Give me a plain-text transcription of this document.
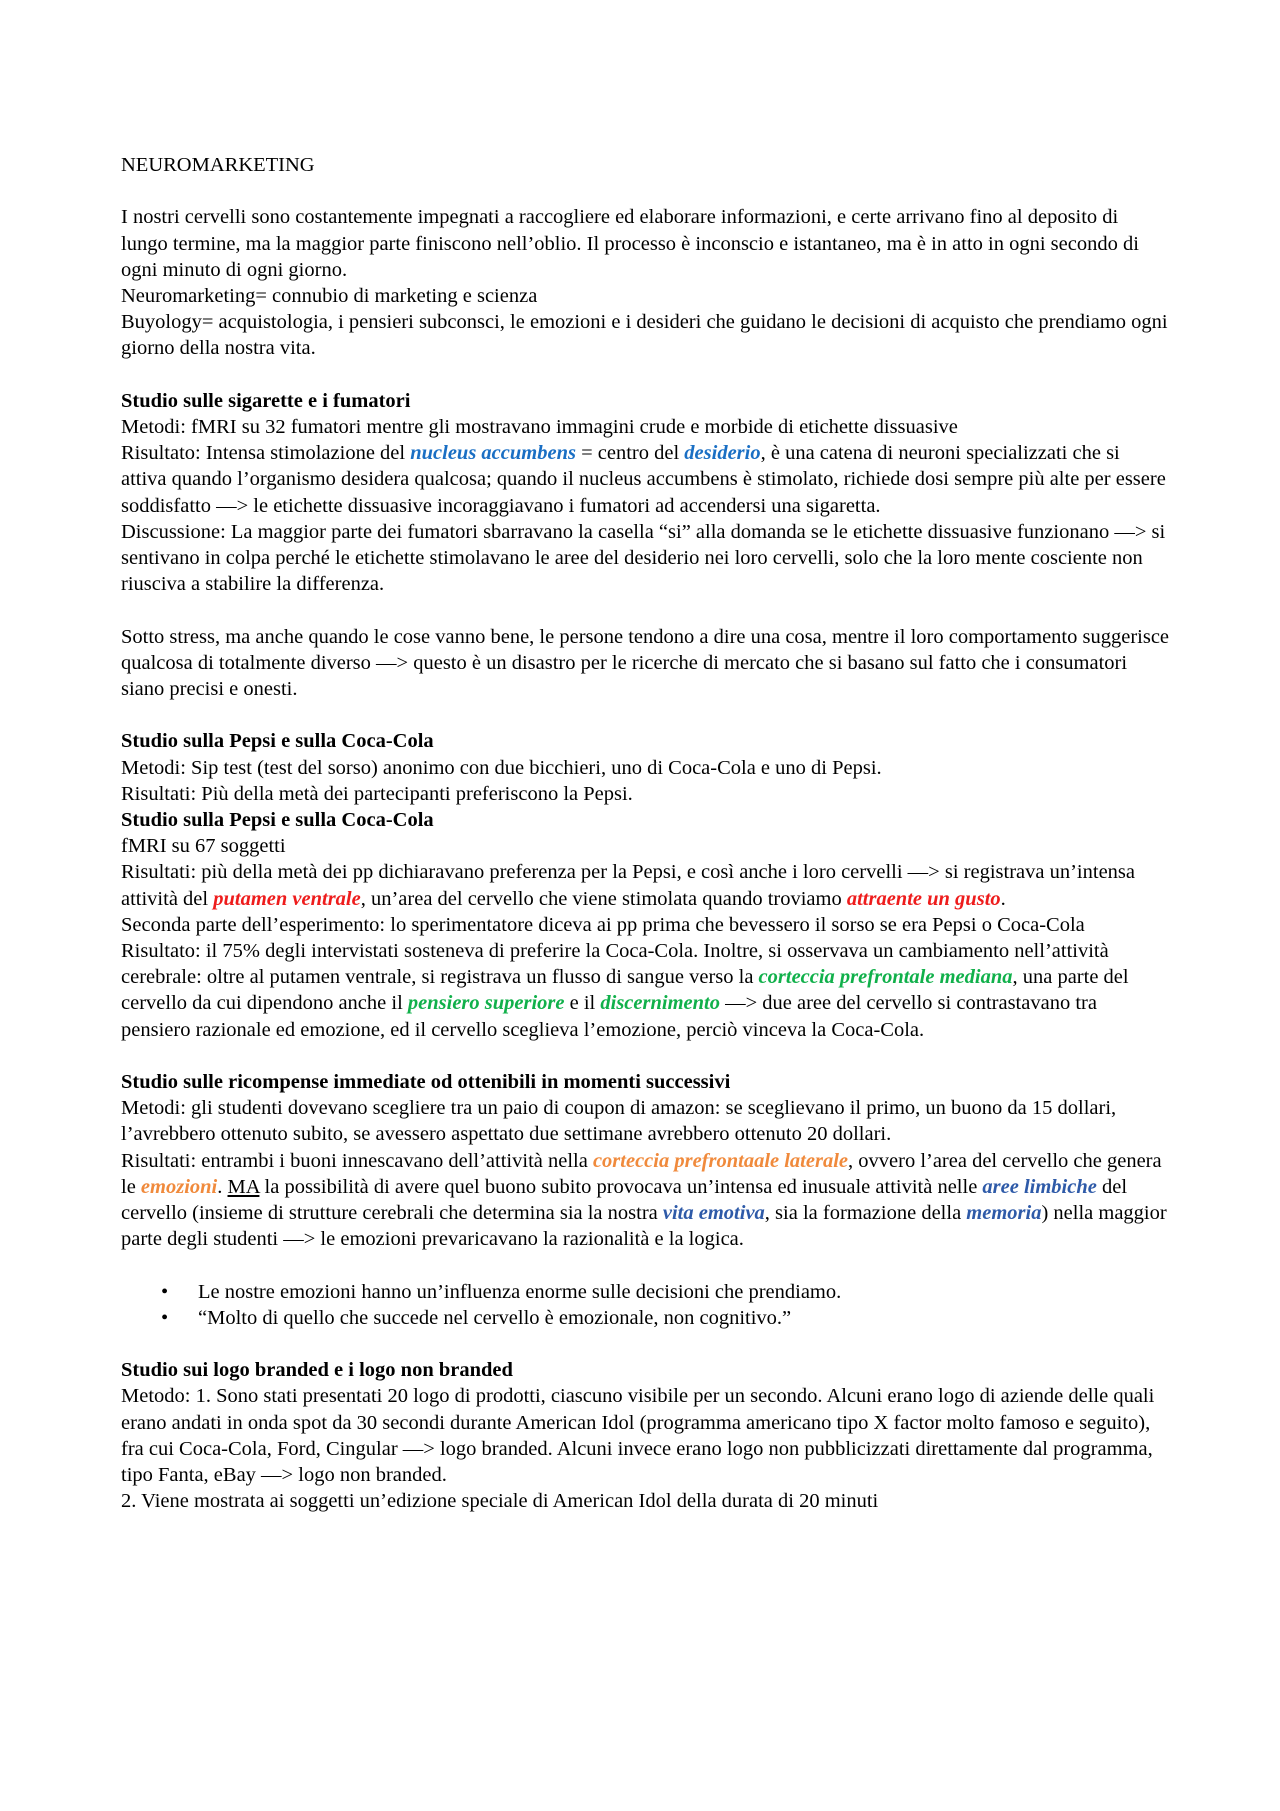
NEUROMARKETING

I nostri cervelli sono costantemente impegnati a raccogliere ed elaborare informazioni, e certe arrivano fino al deposito di lungo termine, ma la maggior parte finiscono nell’oblio. Il processo è inconscio e istantaneo, ma è in atto in ogni secondo di ogni minuto di ogni giorno.

Neuromarketing= connubio di marketing e scienza

Buyology= acquistologia, i pensieri subconsci, le emozioni e i desideri che guidano le decisioni di acquisto che prendiamo ogni giorno della nostra vita.

Studio sulle sigarette e i fumatori

Metodi: fMRI su 32 fumatori mentre gli mostravano immagini crude e morbide di etichette dissuasive

Risultato: Intensa stimolazione del nucleus accumbens = centro del desiderio, è una catena di neuroni specializzati che si attiva quando l’organismo desidera qualcosa; quando il nucleus accumbens è stimolato, richiede dosi sempre più alte per essere soddisfatto —> le etichette dissuasive incoraggiavano i fumatori ad accendersi una sigaretta.

Discussione: La maggior parte dei fumatori sbarravano la casella “si” alla domanda se le etichette dissuasive funzionano —> si sentivano in colpa perché le etichette stimolavano le aree del desiderio nei loro cervelli, solo che la loro mente cosciente non riusciva a stabilire la differenza.

Sotto stress, ma anche quando le cose vanno bene, le persone tendono a dire una cosa, mentre il loro comportamento suggerisce qualcosa di totalmente diverso —> questo è un disastro per le ricerche di mercato che si basano sul fatto che i consumatori siano precisi e onesti.

Studio sulla Pepsi e sulla Coca-Cola

Metodi: Sip test (test del sorso) anonimo con due bicchieri, uno di Coca-Cola e uno di Pepsi.

Risultati: Più della metà dei partecipanti preferiscono la Pepsi.

Studio sulla Pepsi e sulla Coca-Cola

fMRI su 67 soggetti

Risultati: più della metà dei pp dichiaravano preferenza per la Pepsi, e così anche i loro cervelli —> si registrava un’intensa attività del putamen ventrale, un’area del cervello che viene stimolata quando troviamo attraente un gusto.

Seconda parte dell’esperimento: lo sperimentatore diceva ai pp prima che bevessero il sorso se era Pepsi o Coca-Cola

Risultato: il 75% degli intervistati sosteneva di preferire la Coca-Cola. Inoltre, si osservava un cambiamento nell’attività cerebrale: oltre al putamen ventrale, si registrava un flusso di sangue verso la corteccia prefrontale mediana, una parte del cervello da cui dipendono anche il pensiero superiore e il discernimento —> due aree del cervello si contrastavano tra pensiero razionale ed emozione, ed il cervello sceglieva l’emozione, perciò vinceva la Coca-Cola.

Studio sulle ricompense immediate od ottenibili in momenti successivi

Metodi: gli studenti dovevano scegliere tra un paio di coupon di amazon: se sceglievano il primo, un buono da 15 dollari, l’avrebbero ottenuto subito, se avessero aspettato due settimane avrebbero ottenuto 20 dollari.

Risultati: entrambi i buoni innescavano dell’attività nella corteccia prefrontaale laterale, ovvero l’area del cervello che genera le emozioni. MA la possibilità di avere quel buono subito provocava un’intensa ed inusuale attività nelle aree limbiche del cervello (insieme di strutture cerebrali che determina sia la nostra vita emotiva, sia la formazione della memoria) nella maggior parte degli studenti —> le emozioni prevaricavano la razionalità e la logica.

• Le nostre emozioni hanno un’influenza enorme sulle decisioni che prendiamo.
• “Molto di quello che succede nel cervello è emozionale, non cognitivo.”
Studio sui logo branded e i logo non branded

Metodo: 1. Sono stati presentati 20 logo di prodotti, ciascuno visibile per un secondo. Alcuni erano logo di aziende delle quali erano andati in onda spot da 30 secondi durante American Idol (programma americano tipo X factor molto famoso e seguito), fra cui Coca-Cola, Ford, Cingular —> logo branded. Alcuni invece erano logo non pubblicizzati direttamente dal programma, tipo Fanta, eBay —> logo non branded.

2. Viene mostrata ai soggetti un’edizione speciale di American Idol della durata di 20 minuti
